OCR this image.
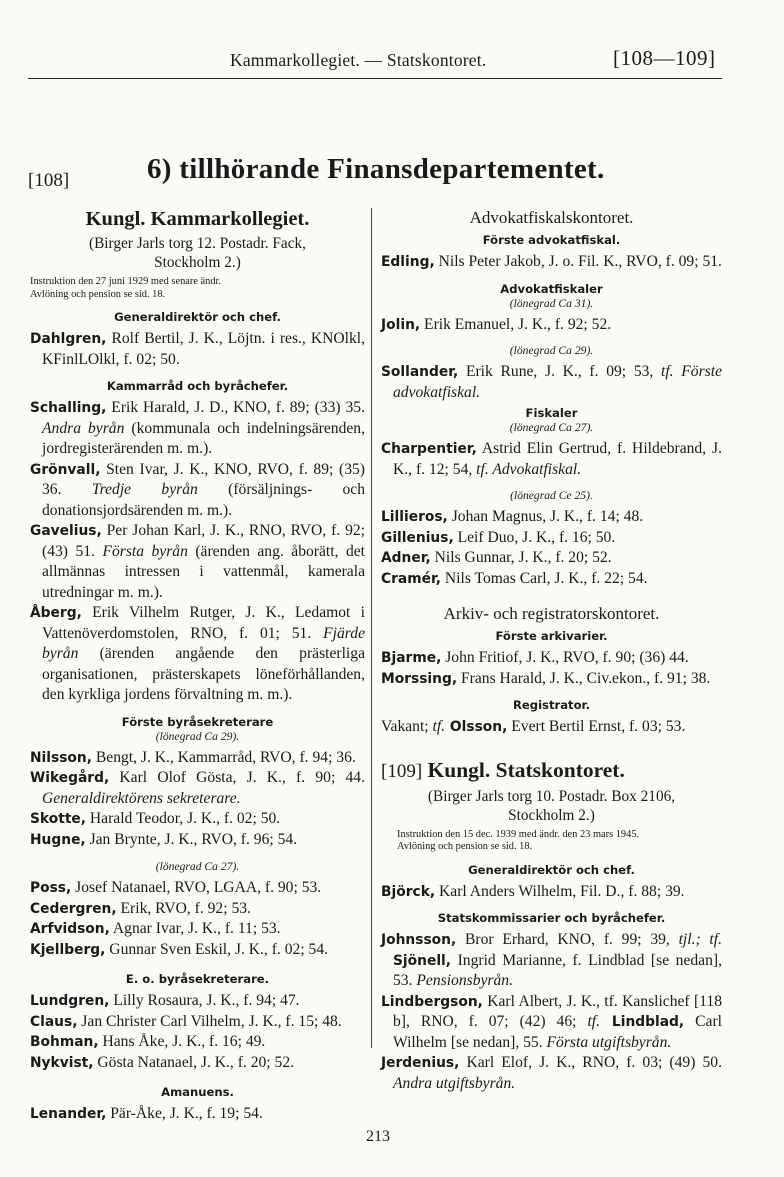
Kammarkollegiet. — Statskontoret.	[108—109]
[108]	6) tillhörande Finansdepartementet.
Kungl. Kammarkollegiet.
(Birger Jarls torg 12. Postadr. Fack,
Stockholm 2.)
Instruktion den 27 juni 1929 med senare ändr.
Avlöning och pension se sid. 18.
Generaldirektör och chef.

Dahlgren, Rolf Bertil, J. K., Löjtn. i res., KNOlkl, KFinlLOlkl, f. 02; 50.

Kammarråd och byråchefer.

Schalling, Erik Harald, J. D., KNO, f. 89; (33) 35. Andra byrån (kommunala och indelningsärenden, jordregisterärenden m. m.).

Grönvall, Sten Ivar, J. K., KNO, RVO, f. 89; (35) 36. Tredje byrån (försäljnings- och donationsjordsärenden m. m.).

Gavelius, Per Johan Karl, J. K., RNO, RVO, f. 92; (43) 51. Första byrån (ärenden ang. åborätt, det allmännas intressen i vattenmål, kamerala utredningar m. m.).

Åberg, Erik Vilhelm Rutger, J. K., Ledamot i Vattenöverdomstolen, RNO, f. 01; 51. Fjärde byrån (ärenden angående den prästerliga organisationen, prästerskapets löneförhållanden, den kyrkliga jordens förvaltning m. m.).

Förste byråsekreterare
(lönegrad Ca 29).

Nilsson, Bengt, J. K., Kammarråd, RVO, f. 94; 36.

Wikegård, Karl Olof Gösta, J. K., f. 90; 44. Generaldirektörens sekreterare.

Skotte, Harald Teodor, J. K., f. 02; 50.

Hugne, Jan Brynte, J. K., RVO, f. 96; 54.

(lönegrad Ca 27).

Poss, Josef Natanael, RVO, LGAA, f. 90; 53.

Cedergren, Erik, RVO, f. 92; 53.

Arfvidson, Agnar Ivar, J. K., f. 11; 53.

Kjellberg, Gunnar Sven Eskil, J. K., f. 02; 54.

E. o. byråsekreterare.

Lundgren, Lilly Rosaura, J. K., f. 94; 47.

Claus, Jan Christer Carl Vilhelm, J. K., f. 15; 48.

Bohman, Hans Åke, J. K., f. 16; 49.

Nykvist, Gösta Natanael, J. K., f. 20; 52.

Amanuens.

Lenander, Pär-Åke, J. K., f. 19; 54.

Advokatfiskalskontoret.
Förste advokatfiskal.

Edling, Nils Peter Jakob, J. o. Fil. K., RVO, f. 09; 51.

Advokatfiskaler
(lönegrad Ca 31).

Jolin, Erik Emanuel, J. K., f. 92; 52.

(lönegrad Ca 29).

Sollander, Erik Rune, J. K., f. 09; 53, tf. Förste advokatfiskal.

Fiskaler
(lönegrad Ca 27).

Charpentier, Astrid Elin Gertrud, f. Hildebrand, J. K., f. 12; 54, tf. Advokatfiskal.

(lönegrad Ce 25).

Lillieros, Johan Magnus, J. K., f. 14; 48.

Gillenius, Leif Duo, J. K., f. 16; 50.

Adner, Nils Gunnar, J. K., f. 20; 52.

Cramér, Nils Tomas Carl, J. K., f. 22; 54.

Arkiv- och registratorskontoret.
Förste arkivarier.

Bjarme, John Fritiof, J. K., RVO, f. 90; (36) 44.

Morssing, Frans Harald, J. K., Civ.ekon., f. 91; 38.

Registrator.

Vakant; tf. Olsson, Evert Bertil Ernst, f. 03; 53.

[109] Kungl. Statskontoret.
(Birger Jarls torg 10. Postadr. Box 2106,
Stockholm 2.)
Instruktion den 15 dec. 1939 med ändr. den 23 mars 1945.
Avlöning och pension se sid. 18.
Generaldirektör och chef.

Björck, Karl Anders Wilhelm, Fil. D., f. 88; 39.

Statskommissarier och byråchefer.

Johnsson, Bror Erhard, KNO, f. 99; 39, tjl.; tf. Sjönell, Ingrid Marianne, f. Lindblad [se nedan], 53. Pensionsbyrån.

Lindbergson, Karl Albert, J. K., tf. Kanslichef [118 b], RNO, f. 07; (42) 46; tf. Lindblad, Carl Wilhelm [se nedan], 55. Första utgiftsbyrån.

Jerdenius, Karl Elof, J. K., RNO, f. 03; (49) 50. Andra utgiftsbyrån.

213
